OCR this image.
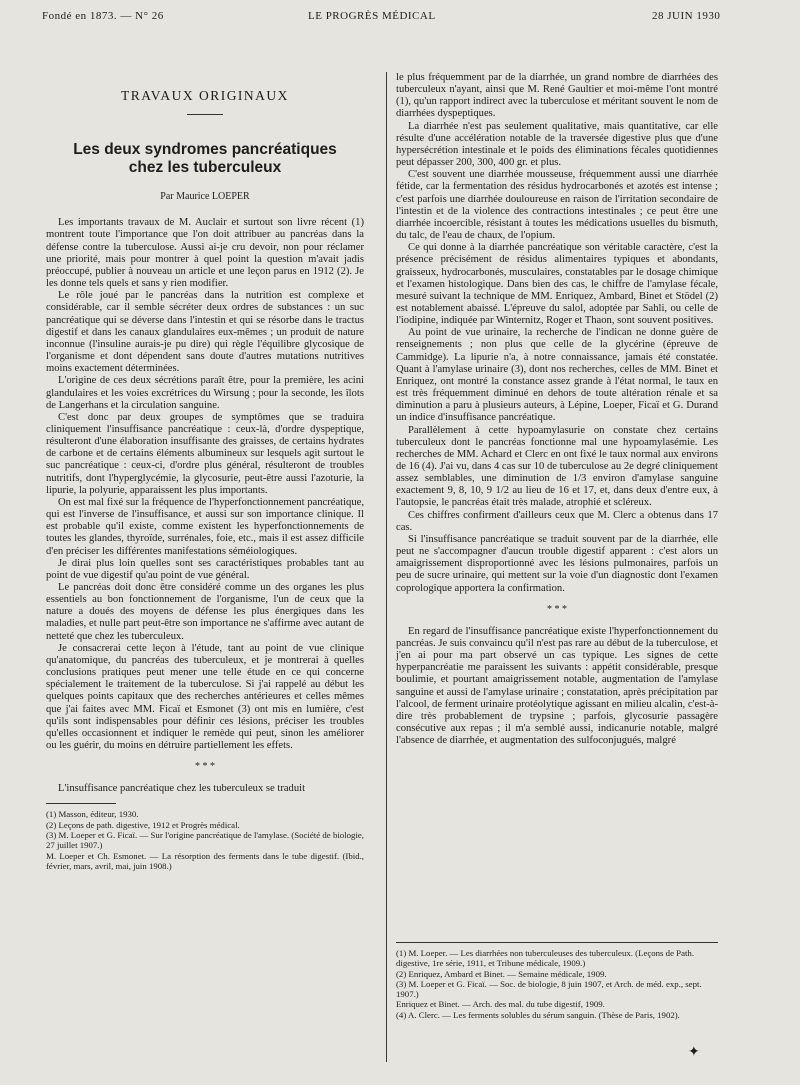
Fondé en 1873. — N° 26	LE PROGRÈS MÉDICAL	28 JUIN 1930
TRAVAUX ORIGINAUX
Les deux syndromes pancréatiques
chez les tuberculeux
Par Maurice LOEPER

Les importants travaux de M. Auclair et surtout son livre récent (1) montrent toute l'importance que l'on doit attribuer au pancréas dans la défense contre la tuberculose. Aussi ai-je cru devoir, non pour réclamer une priorité, mais pour montrer à quel point la question m'avait jadis préoccupé, publier à nouveau un article et une leçon parus en 1912 (2). Je les donne tels quels et sans y rien modifier.

Le rôle joué par le pancréas dans la nutrition est complexe et considérable, car il semble sécréter deux ordres de substances : un suc pancréatique qui se déverse dans l'intestin et qui se résorbe dans le tractus digestif et dans les canaux glandulaires eux-mêmes ; un produit de nature inconnue (l'insuline aurais-je pu dire) qui règle l'équilibre glycosique de l'organisme et dont dépendent sans doute d'autres mutations nutritives moins exactement déterminées.

L'origine de ces deux sécrétions paraît être, pour la première, les acini glandulaires et les voies excrétrices du Wirsung ; pour la seconde, les îlots de Langerhans et la circulation sanguine.

C'est donc par deux groupes de symptômes que se traduira cliniquement l'insuffisance pancréatique : ceux-là, d'ordre dyspeptique, résulteront d'une élaboration insuffisante des graisses, de certains hydrates de carbone et de certains éléments albumineux sur lesquels agit surtout le suc pancréatique : ceux-ci, d'ordre plus général, résulteront de troubles nutritifs, dont l'hyperglycémie, la glycosurie, peut-être aussi l'azoturie, la lipurie, la polyurie, apparaissent les plus importants.

On est mal fixé sur la fréquence de l'hyperfonctionnement pancréatique, qui est l'inverse de l'insuffisance, et aussi sur son importance clinique. Il est probable qu'il existe, comme existent les hyperfonctionnements de toutes les glandes, thyroïde, surrénales, foie, etc., mais il est assez difficile d'en préciser les différentes manifestations séméiologiques.

Je dirai plus loin quelles sont ses caractéristiques probables tant au point de vue digestif qu'au point de vue général.

Le pancréas doit donc être considéré comme un des organes les plus essentiels au bon fonctionnement de l'organisme, l'un de ceux que la nature a doués des moyens de défense les plus énergiques dans les maladies, et nulle part peut-être son importance ne s'affirme avec autant de netteté que chez les tuberculeux.

Je consacrerai cette leçon à l'étude, tant au point de vue clinique qu'anatomique, du pancréas des tuberculeux, et je montrerai à quelles conclusions pratiques peut mener une telle étude en ce qui concerne spécialement le traitement de la tuberculose. Si j'ai rappelé au début les quelques points capitaux que des recherches antérieures et celles mêmes que j'ai faites avec MM. Ficaï et Esmonet (3) ont mis en lumière, c'est qu'ils sont indispensables pour définir ces lésions, préciser les troubles qu'elles occasionnent et indiquer le remède qui peut, sinon les améliorer ou les guérir, du moins en détruire partiellement les effets.

* * *

L'insuffisance pancréatique chez les tuberculeux se traduit

(1) Masson, éditeur, 1930.
(2) Leçons de path. digestive, 1912 et Progrès médical.
(3) M. Loeper et G. Ficaï. — Sur l'origine pancréatique de l'amylase. (Société de biologie, 27 juillet 1907.)
M. Loeper et Ch. Esmonet. — La résorption des ferments dans le tube digestif. (Ibid., février, mars, avril, mai, juin 1908.)

le plus fréquemment par de la diarrhée, un grand nombre de diarrhées des tuberculeux n'ayant, ainsi que M. René Gaultier et moi-même l'ont montré (1), qu'un rapport indirect avec la tuberculose et méritant souvent le nom de diarrhées dyspeptiques.

La diarrhée n'est pas seulement qualitative, mais quantitative, car elle résulte d'une accélération notable de la traversée digestive plus que d'une hypersécrétion intestinale et le poids des éliminations fécales quotidiennes peut dépasser 200, 300, 400 gr. et plus.

C'est souvent une diarrhée mousseuse, fréquemment aussi une diarrhée fétide, car la fermentation des résidus hydrocarbonés et azotés est intense ; c'est parfois une diarrhée douloureuse en raison de l'irritation secondaire de l'intestin et de la violence des contractions intestinales ; ce peut être une diarrhée incoercible, résistant à toutes les médications usuelles du bismuth, du talc, de l'eau de chaux, de l'opium.

Ce qui donne à la diarrhée pancréatique son véritable caractère, c'est la présence précisément de résidus alimentaires typiques et abondants, graisseux, hydrocarbonés, musculaires, constatables par le dosage chimique et l'examen histologique. Dans bien des cas, le chiffre de l'amylase fécale, mesuré suivant la technique de MM. Enriquez, Ambard, Binet et Stödel (2) est notablement abaissé. L'épreuve du salol, adoptée par Sahli, ou celle de l'iodipine, indiquée par Winternitz, Roger et Thaon, sont souvent positives.

Au point de vue urinaire, la recherche de l'indican ne donne guère de renseignements ; non plus que celle de la glycérine (épreuve de Cammidge). La lipurie n'a, à notre connaissance, jamais été constatée. Quant à l'amylase urinaire (3), dont nos recherches, celles de MM. Binet et Enriquez, ont montré la constance assez grande à l'état normal, le taux en est très fréquemment diminué en dehors de toute altération rénale et sa diminution a paru à plusieurs auteurs, à Lépine, Loeper, Ficaï et G. Durand un indice d'insuffisance pancréatique.

Parallèlement à cette hypoamylasurie on constate chez certains tuberculeux dont le pancréas fonctionne mal une hypoamylasémie. Les recherches de MM. Achard et Clerc en ont fixé le taux normal aux environs de 16 (4). J'ai vu, dans 4 cas sur 10 de tuberculose au 2e degré cliniquement assez semblables, une diminution de 1/3 environ d'amylase sanguine exactement 9, 8, 10, 9 1/2 au lieu de 16 et 17, et, dans deux d'entre eux, à l'autopsie, le pancréas était très malade, atrophié et scléreux.

Ces chiffres confirment d'ailleurs ceux que M. Clerc a obtenus dans 17 cas.

Si l'insuffisance pancréatique se traduit souvent par de la diarrhée, elle peut ne s'accompagner d'aucun trouble digestif apparent : c'est alors un amaigrissement disproportionné avec les lésions pulmonaires, parfois un peu de sucre urinaire, qui mettent sur la voie d'un diagnostic dont l'examen coprologique apportera la confirmation.

* * *

En regard de l'insuffisance pancréatique existe l'hyperfonctionnement du pancréas. Je suis convaincu qu'il n'est pas rare au début de la tuberculose, et j'en ai pour ma part observé un cas typique. Les signes de cette hyperpancréatie me paraissent les suivants : appétit considérable, presque boulimie, et pourtant amaigrissement notable, augmentation de l'amylase sanguine et aussi de l'amylase urinaire ; constatation, après précipitation par l'alcool, de ferment urinaire protéolytique agissant en milieu alcalin, c'est-à-dire très probablement de trypsine ; parfois, glycosurie passagère consécutive aux repas ; il m'a semblé aussi, indicanurie notable, malgré l'absence de diarrhée, et augmentation des sulfoconjugués, malgré

(1) M. Loeper. — Les diarrhées non tuberculeuses des tuberculeux. (Leçons de Path. digestive, 1re série, 1911, et Tribune médicale, 1909.)
(2) Enriquez, Ambard et Binet. — Semaine médicale, 1909.
(3) M. Loeper et G. Ficaï. — Soc. de biologie, 8 juin 1907, et Arch. de méd. exp., sept. 1907.)
Enriquez et Binet. — Arch. des mal. du tube digestif, 1909.
(4) A. Clerc. — Les ferments solubles du sérum sanguin. (Thèse de Paris, 1902).
✦
